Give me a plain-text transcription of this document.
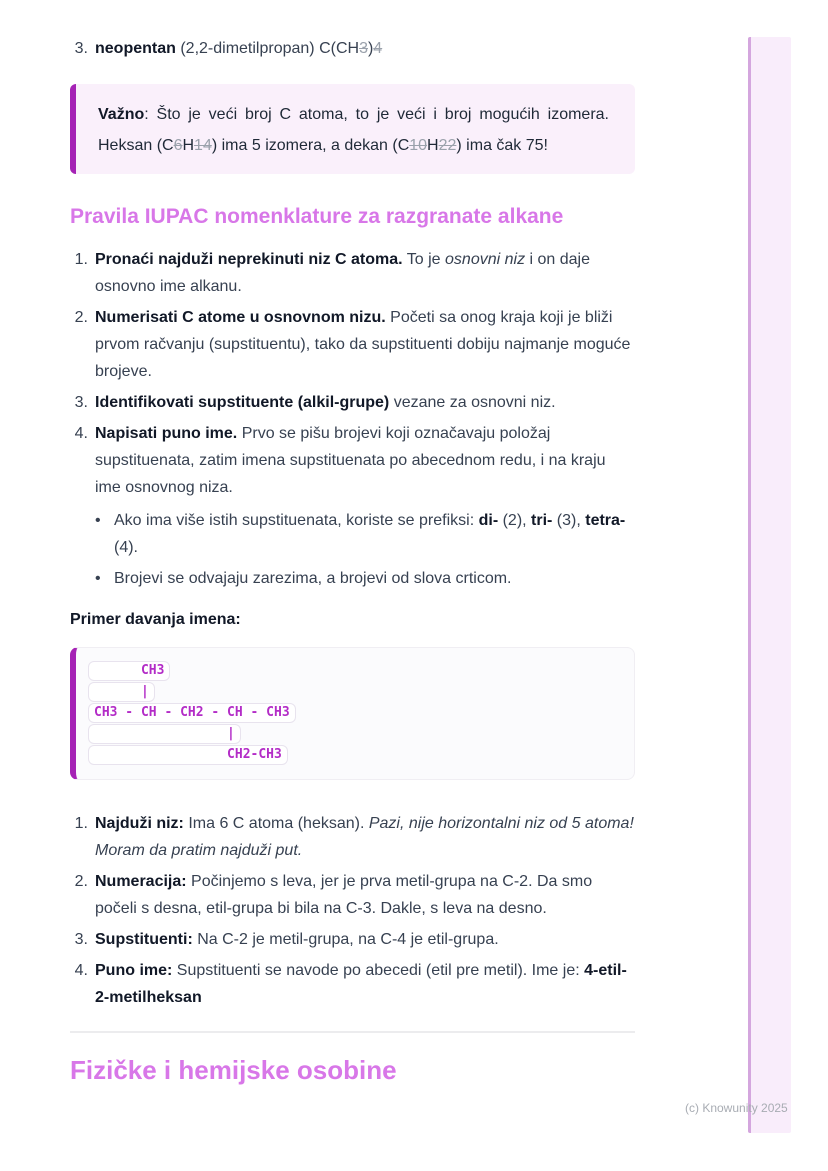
3. neopentan (2,2-dimetilpropan) C(CH3)4

Važno: Što je veći broj C atoma, to je veći i broj mogućih izomera. Heksan (C6H14) ima 5 izomera, a dekan (C10H22) ima čak 75!

Pravila IUPAC nomenklature za razgranate alkane
1. Pronaći najduži neprekinuti niz C atoma. To je osnovni niz i on daje osnovno ime alkanu.
2. Numerisati C atome u osnovnom nizu. Početi sa onog kraja koji je bliži prvom račvanju (supstituentu), tako da supstituenti dobiju najmanje moguće brojeve.
3. Identifikovati supstituente (alkil-grupe) vezane za osnovni niz.
4. Napisati puno ime. Prvo se pišu brojevi koji označavaju položaj supstituenata, zatim imena supstituenata po abecednom redu, i na kraju ime osnovnog niza.
• Ako ima više istih supstituenata, koriste se prefiksi: di- (2), tri- (3), tetra- (4).
• Brojevi se odvajaju zarezima, a brojevi od slova crticom.

Primer davanja imena:

CH3
|
CH3 - CH - CH2 - CH - CH3
|
CH2-CH3
1. Najduži niz: Ima 6 C atoma (heksan). Pazi, nije horizontalni niz od 5 atoma! Moram da pratim najduži put.
2. Numeracija: Počinjemo s leva, jer je prva metil-grupa na C-2. Da smo počeli s desna, etil-grupa bi bila na C-3. Dakle, s leva na desno.
3. Supstituenti: Na C-2 je metil-grupa, na C-4 je etil-grupa.
4. Puno ime: Supstituenti se navode po abecedi (etil pre metil). Ime je: 4-etil-2-metilheksan
Fizičke i hemijske osobine
(c) Knowunity 2025
